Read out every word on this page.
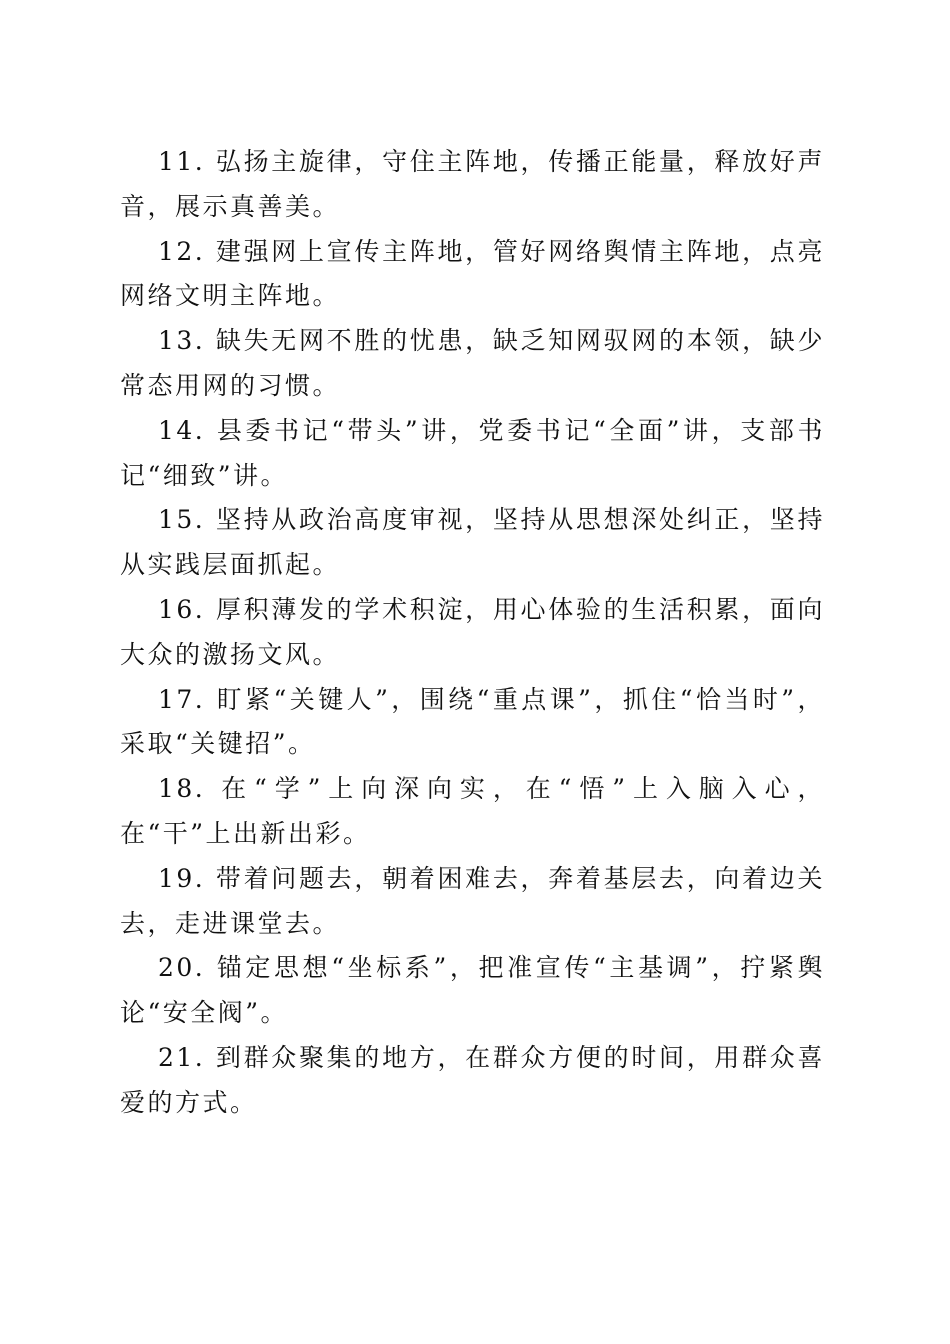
11. 弘扬主旋律，守住主阵地，传播正能量，释放好声音，展示真善美。

12. 建强网上宣传主阵地，管好网络舆情主阵地，点亮网络文明主阵地。

13. 缺失无网不胜的忧患，缺乏知网驭网的本领，缺少常态用网的习惯。

14. 县委书记“带头”讲，党委书记“全面”讲，支部书记“细致”讲。

15. 坚持从政治高度审视，坚持从思想深处纠正，坚持从实践层面抓起。

16. 厚积薄发的学术积淀，用心体验的生活积累，面向大众的激扬文风。

17. 盯紧“关键人”，围绕“重点课”，抓住“恰当时”，采取“关键招”。

18. 在“学”上向深向实，在“悟”上入脑入心，在“干”上出新出彩。

19. 带着问题去，朝着困难去，奔着基层去，向着边关去，走进课堂去。

20. 锚定思想“坐标系”，把准宣传“主基调”，拧紧舆论“安全阀”。

21. 到群众聚集的地方，在群众方便的时间，用群众喜爱的方式。
